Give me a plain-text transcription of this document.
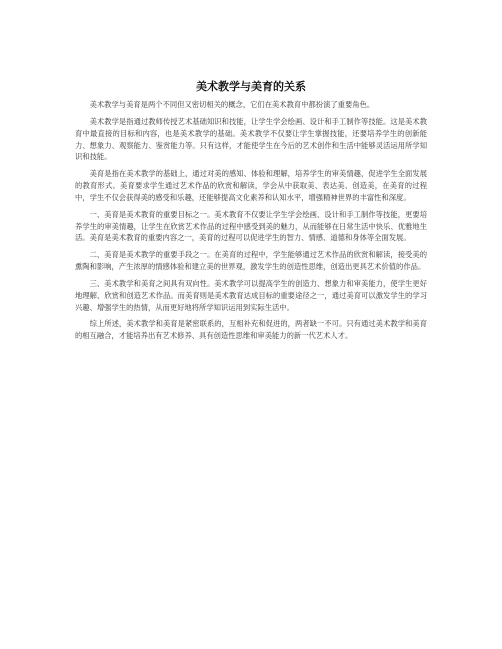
美术教学与美育的关系

美术教学与美育是两个不同但又密切相关的概念，它们在美术教育中都扮演了重要角色。

美术教学是指通过教师传授艺术基础知识和技能，让学生学会绘画、设计和手工制作等技能。这是美术教育中最直接的目标和内容，也是美术教学的基础。美术教学不仅要让学生掌握技能，还要培养学生的创新能力、想象力、观察能力、鉴赏能力等。只有这样，才能使学生在今后的艺术创作和生活中能够灵活运用所学知识和技能。

美育是指在美术教学的基础上，通过对美的感知、体验和理解，培养学生的审美情趣，促进学生全面发展的教育形式。美育要求学生通过艺术作品的欣赏和解读，学会从中获取美、表达美、创造美，在美育的过程中，学生不仅会获得美的感受和乐趣，还能够提高文化素养和认知水平，增强精神世界的丰富性和深度。

一、美育是美术教育的重要目标之一。美术教育不仅要让学生学会绘画、设计和手工制作等技能，更要培养学生的审美情趣，让学生在欣赏艺术作品的过程中感受到美的魅力，从而能够在日常生活中快乐、优雅地生活。美育是美术教育的重要内容之一，美育的过程可以促进学生的智力、情感、道德和身体等全面发展。

二、美育是美术教学的重要手段之一。在美育的过程中，学生能够通过艺术作品的欣赏和解读，接受美的熏陶和影响，产生浓厚的情感体验和建立美的世界观，激发学生的创造性思维，创造出更具艺术价值的作品。

三、美术教学和美育之间具有双向性。美术教学可以提高学生的创造力、想象力和审美能力，使学生更好地理解、欣赏和创造艺术作品。而美育则是美术教育达成目标的重要途径之一，通过美育可以激发学生的学习兴趣、增强学生的热情，从而更好地将所学知识运用到实际生活中。

综上所述，美术教学和美育是紧密联系的，互相补充和促进的，两者缺一不可。只有通过美术教学和美育的相互融合，才能培养出有艺术修养、具有创造性思维和审美能力的新一代艺术人才。
